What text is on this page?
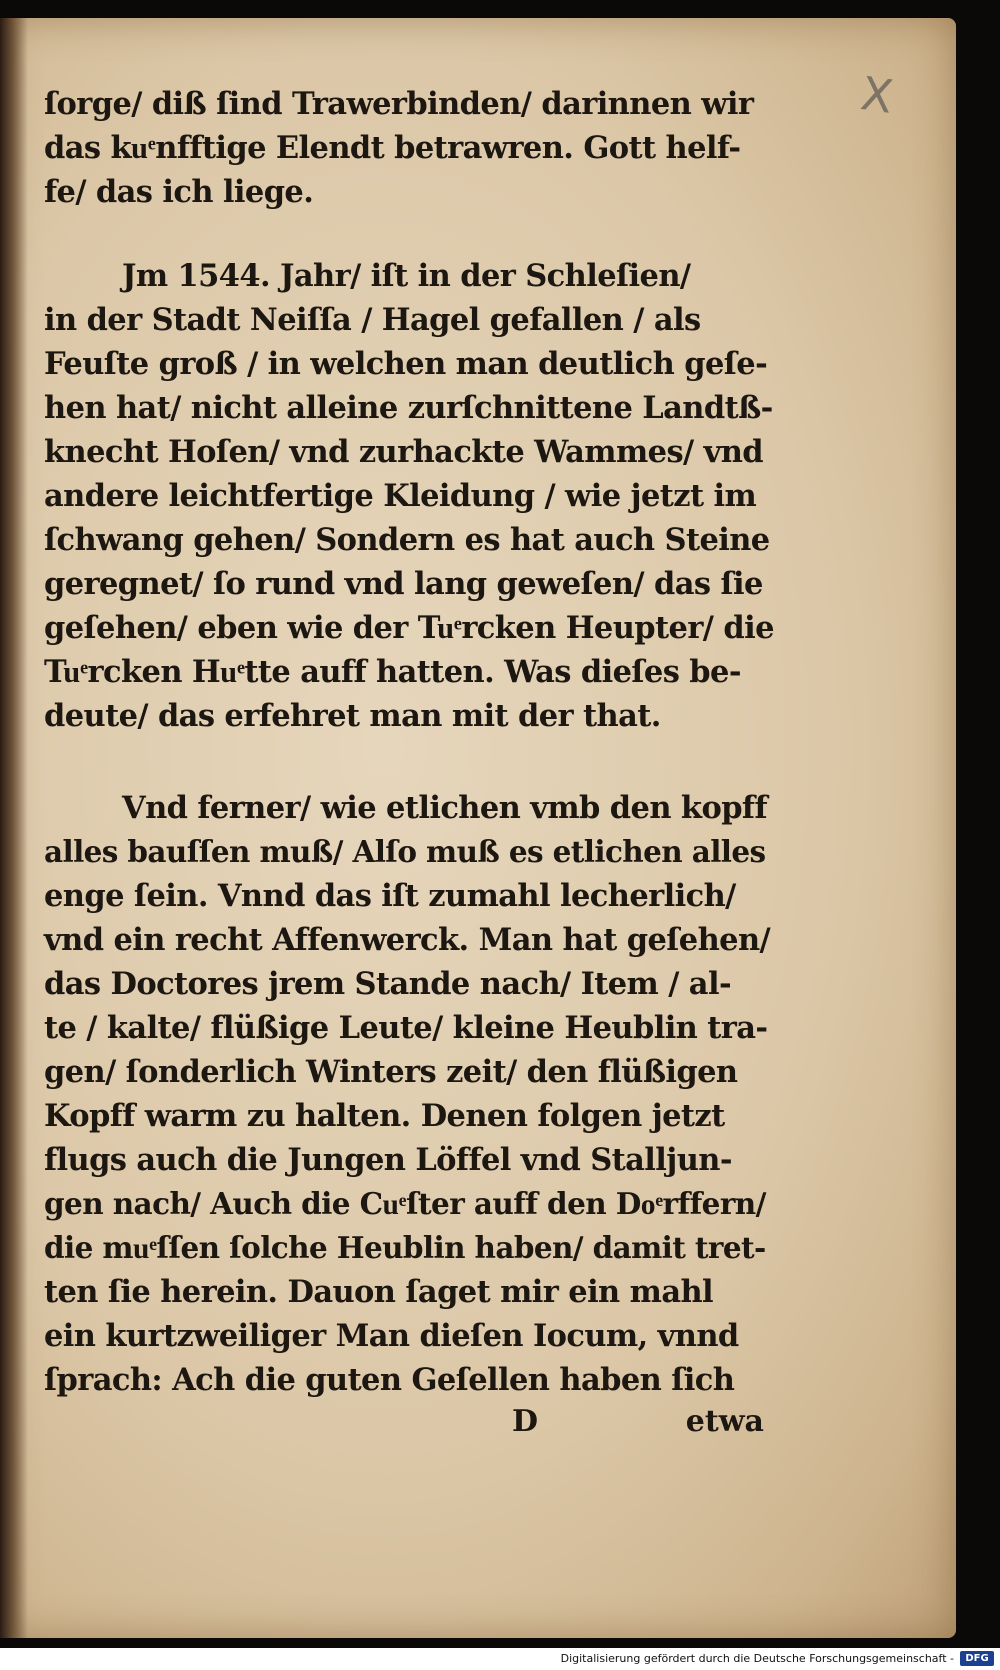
X
ſorge/ diß ſind Trawerbinden/ darinnen wir
das kuͤnfftige Elendt betrawren. Gott helf-
fe/ das ich liege.
Jm 1544. Jahr/ iſt in der Schleſien/
in der Stadt Neiſſa / Hagel gefallen / als
Feuſte groß / in welchen man deutlich geſe-
hen hat/ nicht alleine zurſchnittene Landtß-
knecht Hoſen/ vnd zurhackte Wammes/ vnd
andere leichtfertige Kleidung / wie jetzt im
ſchwang gehen/ Sondern es hat auch Steine
geregnet/ ſo rund vnd lang geweſen/ das ſie
geſehen/ eben wie der Tuͤrcken Heupter/ die
Tuͤrcken Huͤtte auff hatten. Was dieſes be-
deute/ das erfehret man mit der that.
Vnd ferner/ wie etlichen vmb den kopff
alles bauſſen muß/ Alſo muß es etlichen alles
enge ſein. Vnnd das iſt zumahl lecherlich/
vnd ein recht Affenwerck. Man hat geſehen/
das Doctores jrem Stande nach/ Item / al-
te / kalte/ flüßige Leute/ kleine Heublin tra-
gen/ ſonderlich Winters zeit/ den flüßigen
Kopff warm zu halten. Denen folgen jetzt
flugs auch die Jungen Löffel vnd Stalljun-
gen nach/ Auch die Cuͤſter auff den Doͤrffern/
die muͤſſen ſolche Heublin haben/ damit tret-
ten ſie herein. Dauon ſaget mir ein mahl
ein kurtzweiliger Man dieſen Iocum, vnnd
ſprach: Ach die guten Geſellen haben ſich
D	etwa
Digitalisierung gefördert durch die Deutsche Forschungsgemeinschaft -	DFG
